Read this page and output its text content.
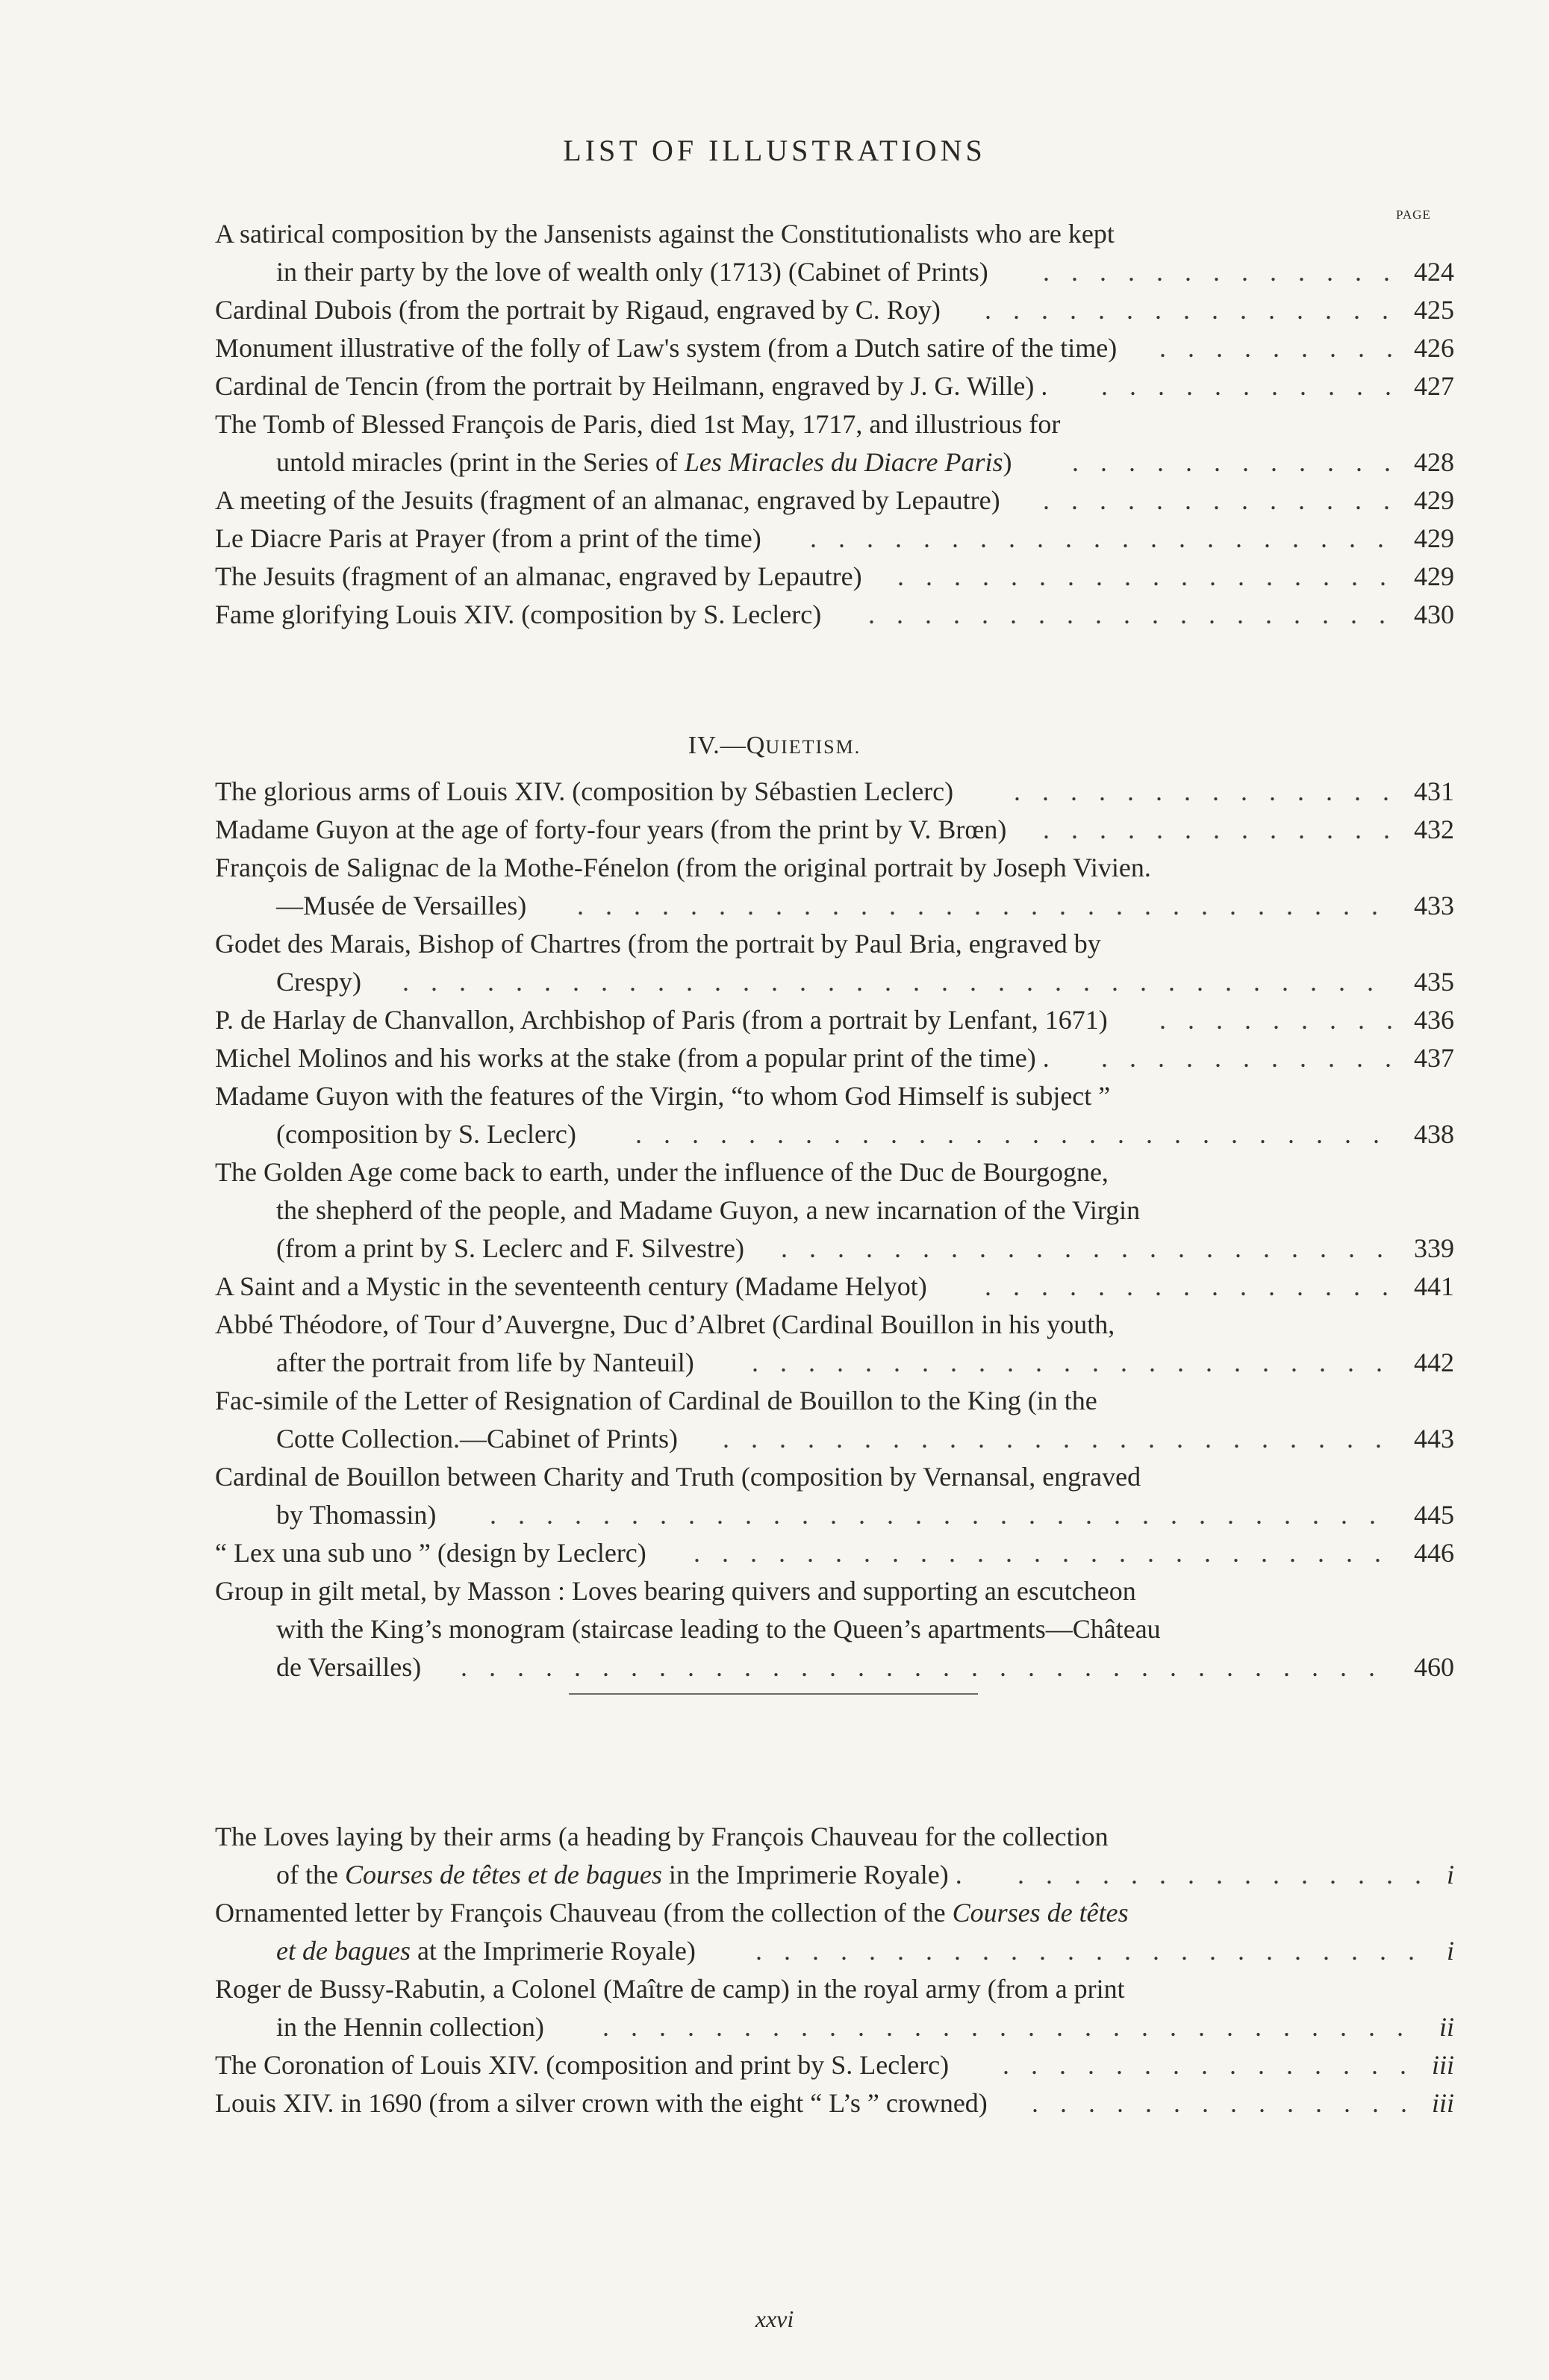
LIST OF ILLUSTRATIONS
PAGE
A satirical composition by the Jansenists against the Constitutionalists who are kept
in their party by the love of wealth only (1713) (Cabinet of Prints)	424
.............
Cardinal Dubois (from the portrait by Rigaud, engraved by C. Roy)	425
...............
Monument illustrative of the folly of Law's system (from a Dutch satire of the time)	426
.........
Cardinal de Tencin (from the portrait by Heilmann, engraved by J. G. Wille) .	427
...........
The Tomb of Blessed François de Paris, died 1st May, 1717, and illustrious for
untold miracles (print in the Series of Les Miracles du Diacre Paris)	428
............
A meeting of the Jesuits (fragment of an almanac, engraved by Lepautre)	429
.............
Le Diacre Paris at Prayer (from a print of the time)	429
.....................
The Jesuits (fragment of an almanac, engraved by Lepautre)	429
..................
Fame glorifying Louis XIV. (composition by S. Leclerc)	430
...................
IV.—QUIETISM.
The glorious arms of Louis XIV. (composition by Sébastien Leclerc)	431
..............
Madame Guyon at the age of forty-four years (from the print by V. Brœn)	432
.............
François de Salignac de la Mothe-Fénelon (from the original portrait by Joseph Vivien.
—Musée de Versailles)	433
.............................
Godet des Marais, Bishop of Chartres (from the portrait by Paul Bria, engraved by
Crespy)	435
...................................
P. de Harlay de Chanvallon, Archbishop of Paris (from a portrait by Lenfant, 1671)	436
.........
Michel Molinos and his works at the stake (from a popular print of the time) .	437
...........
Madame Guyon with the features of the Virgin, “to whom God Himself is subject ”
(composition by S. Leclerc)	438
...........................
The Golden Age come back to earth, under the influence of the Duc de Bourgogne,
the shepherd of the people, and Madame Guyon, a new incarnation of the Virgin
(from a print by S. Leclerc and F. Silvestre)	339
......................
A Saint and a Mystic in the seventeenth century (Madame Helyot)	441
...............
Abbé Théodore, of Tour d’Auvergne, Duc d’Albret (Cardinal Bouillon in his youth,
after the portrait from life by Nanteuil)	442
.......................
Fac-simile of the Letter of Resignation of Cardinal de Bouillon to the King (in the
Cotte Collection.—Cabinet of Prints)	443
........................
Cardinal de Bouillon between Charity and Truth (composition by Vernansal, engraved
by Thomassin)	445
................................
“ Lex una sub uno ” (design by Leclerc)	446
.........................
Group in gilt metal, by Masson : Loves bearing quivers and supporting an escutcheon
with the King’s monogram (staircase leading to the Queen’s apartments—Château
de Versailles)	460
.................................
The Loves laying by their arms (a heading by François Chauveau for the collection
of the Courses de têtes et de bagues in the Imprimerie Royale) .	i
...............
Ornamented letter by François Chauveau (from the collection of the Courses de têtes
et de bagues at the Imprimerie Royale)	i
........................
Roger de Bussy-Rabutin, a Colonel (Maître de camp) in the royal army (from a print
in the Hennin collection)	ii
.............................
The Coronation of Louis XIV. (composition and print by S. Leclerc)	iii
...............
Louis XIV. in 1690 (from a silver crown with the eight “ L’s ” crowned)	iii
..............
xxvi
